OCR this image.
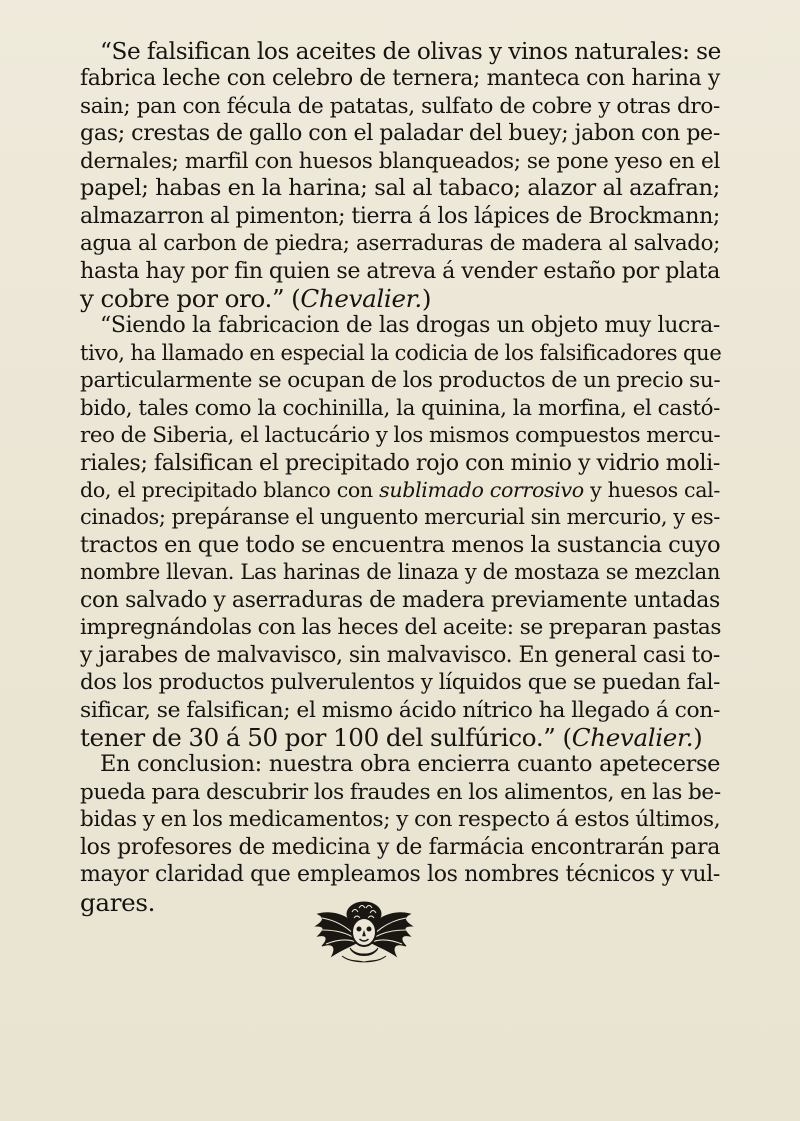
“Se falsifican los aceites de olivas y vinos naturales: se
fabrica leche con celebro de ternera; manteca con harina y
sain; pan con fécula de patatas, sulfato de cobre y otras dro-
gas; crestas de gallo con el paladar del buey; jabon con pe-
dernales; marfil con huesos blanqueados; se pone yeso en el
papel; habas en la harina; sal al tabaco; alazor al azafran;
almazarron al pimenton; tierra á los lápices de Brockmann;
agua al carbon de piedra; aserraduras de madera al salvado;
hasta hay por fin quien se atreva á vender estaño por plata
y cobre por oro.” (Chevalier.)
“Siendo la fabricacion de las drogas un objeto muy lucra-
tivo, ha llamado en especial la codicia de los falsificadores que
particularmente se ocupan de los productos de un precio su-
bido, tales como la cochinilla, la quinina, la morfina, el castó-
reo de Siberia, el lactucário y los mismos compuestos mercu-
riales; falsifican el precipitado rojo con minio y vidrio moli-
do, el precipitado blanco con sublimado corrosivo y huesos cal-
cinados; prepáranse el unguento mercurial sin mercurio, y es-
tractos en que todo se encuentra menos la sustancia cuyo
nombre llevan. Las harinas de linaza y de mostaza se mezclan
con salvado y aserraduras de madera previamente untadas
impregnándolas con las heces del aceite: se preparan pastas
y jarabes de malvavisco, sin malvavisco. En general casi to-
dos los productos pulverulentos y líquidos que se puedan fal-
sificar, se falsifican; el mismo ácido nítrico ha llegado á con-
tener de 30 á 50 por 100 del sulfúrico.” (Chevalier.)
En conclusion: nuestra obra encierra cuanto apetecerse
pueda para descubrir los fraudes en los alimentos, en las be-
bidas y en los medicamentos; y con respecto á estos últimos,
los profesores de medicina y de farmácia encontrarán para
mayor claridad que empleamos los nombres técnicos y vul-
gares.
